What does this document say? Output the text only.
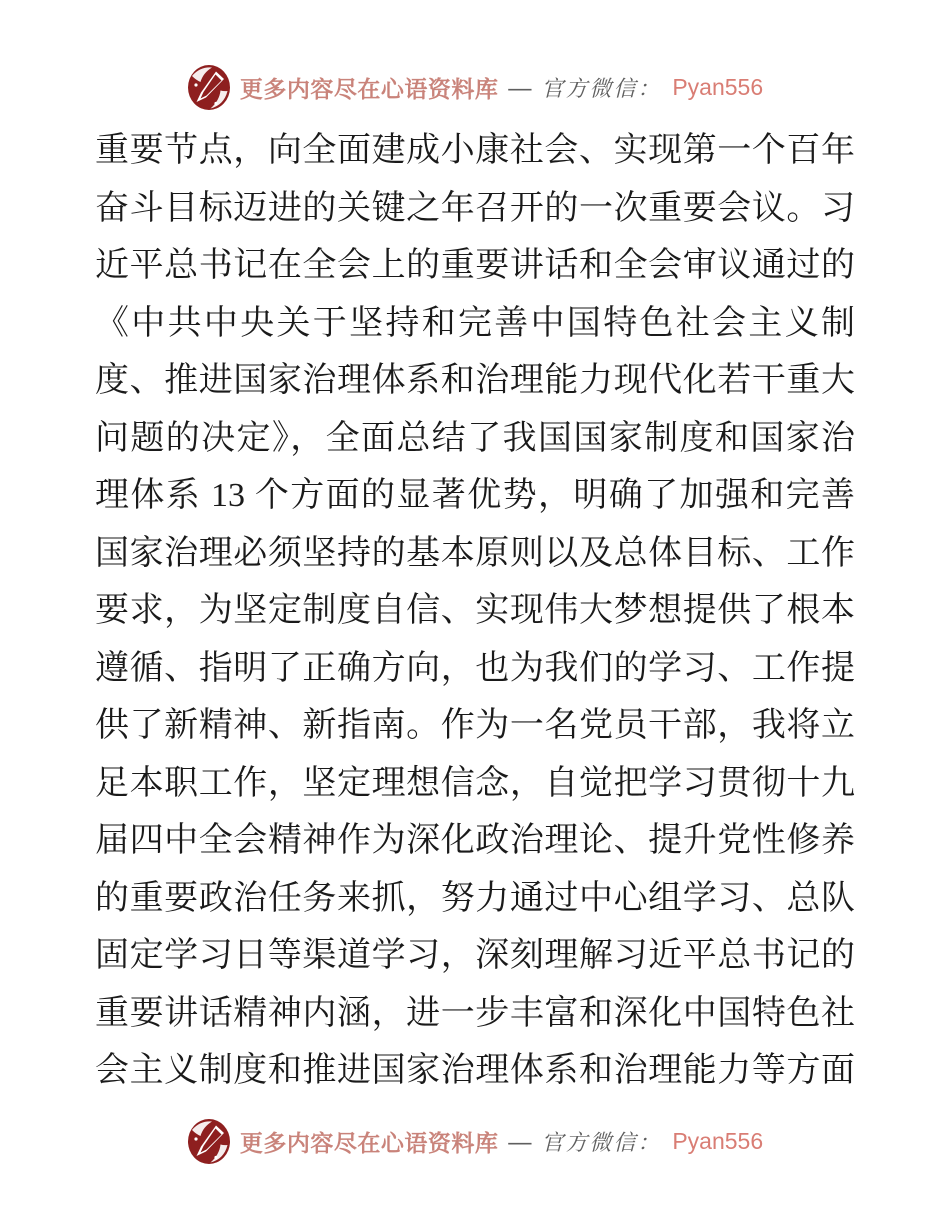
更多内容尽在心语资料库 — 官方微信： Pyan556
重要节点，向全面建成小康社会、实现第一个百年
奋斗目标迈进的关键之年召开的一次重要会议。习
近平总书记在全会上的重要讲话和全会审议通过的
《中共中央关于坚持和完善中国特色社会主义制
度、推进国家治理体系和治理能力现代化若干重大
问题的决定》，全面总结了我国国家制度和国家治
理体系 13 个方面的显著优势，明确了加强和完善
国家治理必须坚持的基本原则以及总体目标、工作
要求，为坚定制度自信、实现伟大梦想提供了根本
遵循、指明了正确方向，也为我们的学习、工作提
供了新精神、新指南。作为一名党员干部，我将立
足本职工作，坚定理想信念，自觉把学习贯彻十九
届四中全会精神作为深化政治理论、提升党性修养
的重要政治任务来抓，努力通过中心组学习、总队
固定学习日等渠道学习，深刻理解习近平总书记的
重要讲话精神内涵，进一步丰富和深化中国特色社
会主义制度和推进国家治理体系和治理能力等方面
更多内容尽在心语资料库 — 官方微信： Pyan556
